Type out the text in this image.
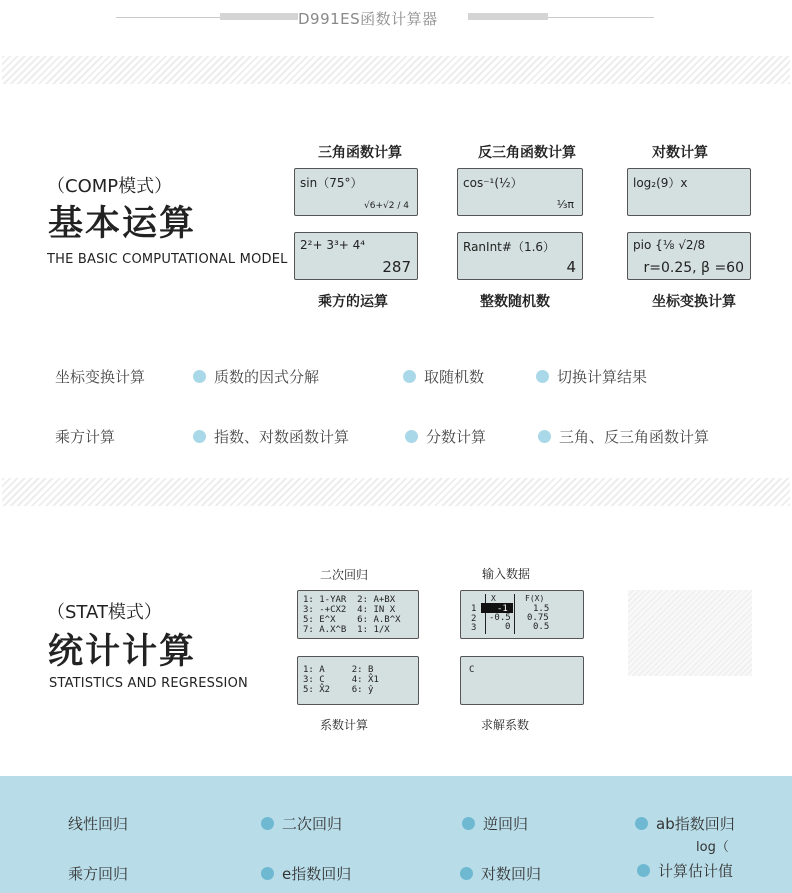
D991ES函数计算器
（COMP模式）
基本运算
THE BASIC COMPUTATIONAL MODEL
三角函数计算	反三角函数计算	对数计算
sin（75°）
√6+√2 / 4
cos⁻¹(½）
⅓π
log₂(9）x
2²+ 3³+ 4⁴
287
RanInt#（1.6）
4
pio {⅛ √2/8
r=0.25, β =60
乘方的运算	整数随机数	坐标变换计算
坐标变换计算	质数的因式分解	取随机数	切换计算结果
乘方计算	指数、对数函数计算	分数计算	三角、反三角函数计算
（STAT模式）
统计计算
STATISTICS AND REGRESSION
二次回归	输入数据
1: 1-YAR  2: A+BX
3: -+CX2  4: IN X
5: E^X    6: A.B^X
7: A.X^B  1: 1/X
X	F(X)
1 -1	1.5
2 -0.5 0.75
3	0	0.5
1: A     2: B
3: C     4: X̂1
5: X̂2    6: ŷ
C
系数计算	求解系数
线性回归	二次回归	逆回归	ab指数回归
log（
乘方回归	e指数回归	对数回归	计算估计值
